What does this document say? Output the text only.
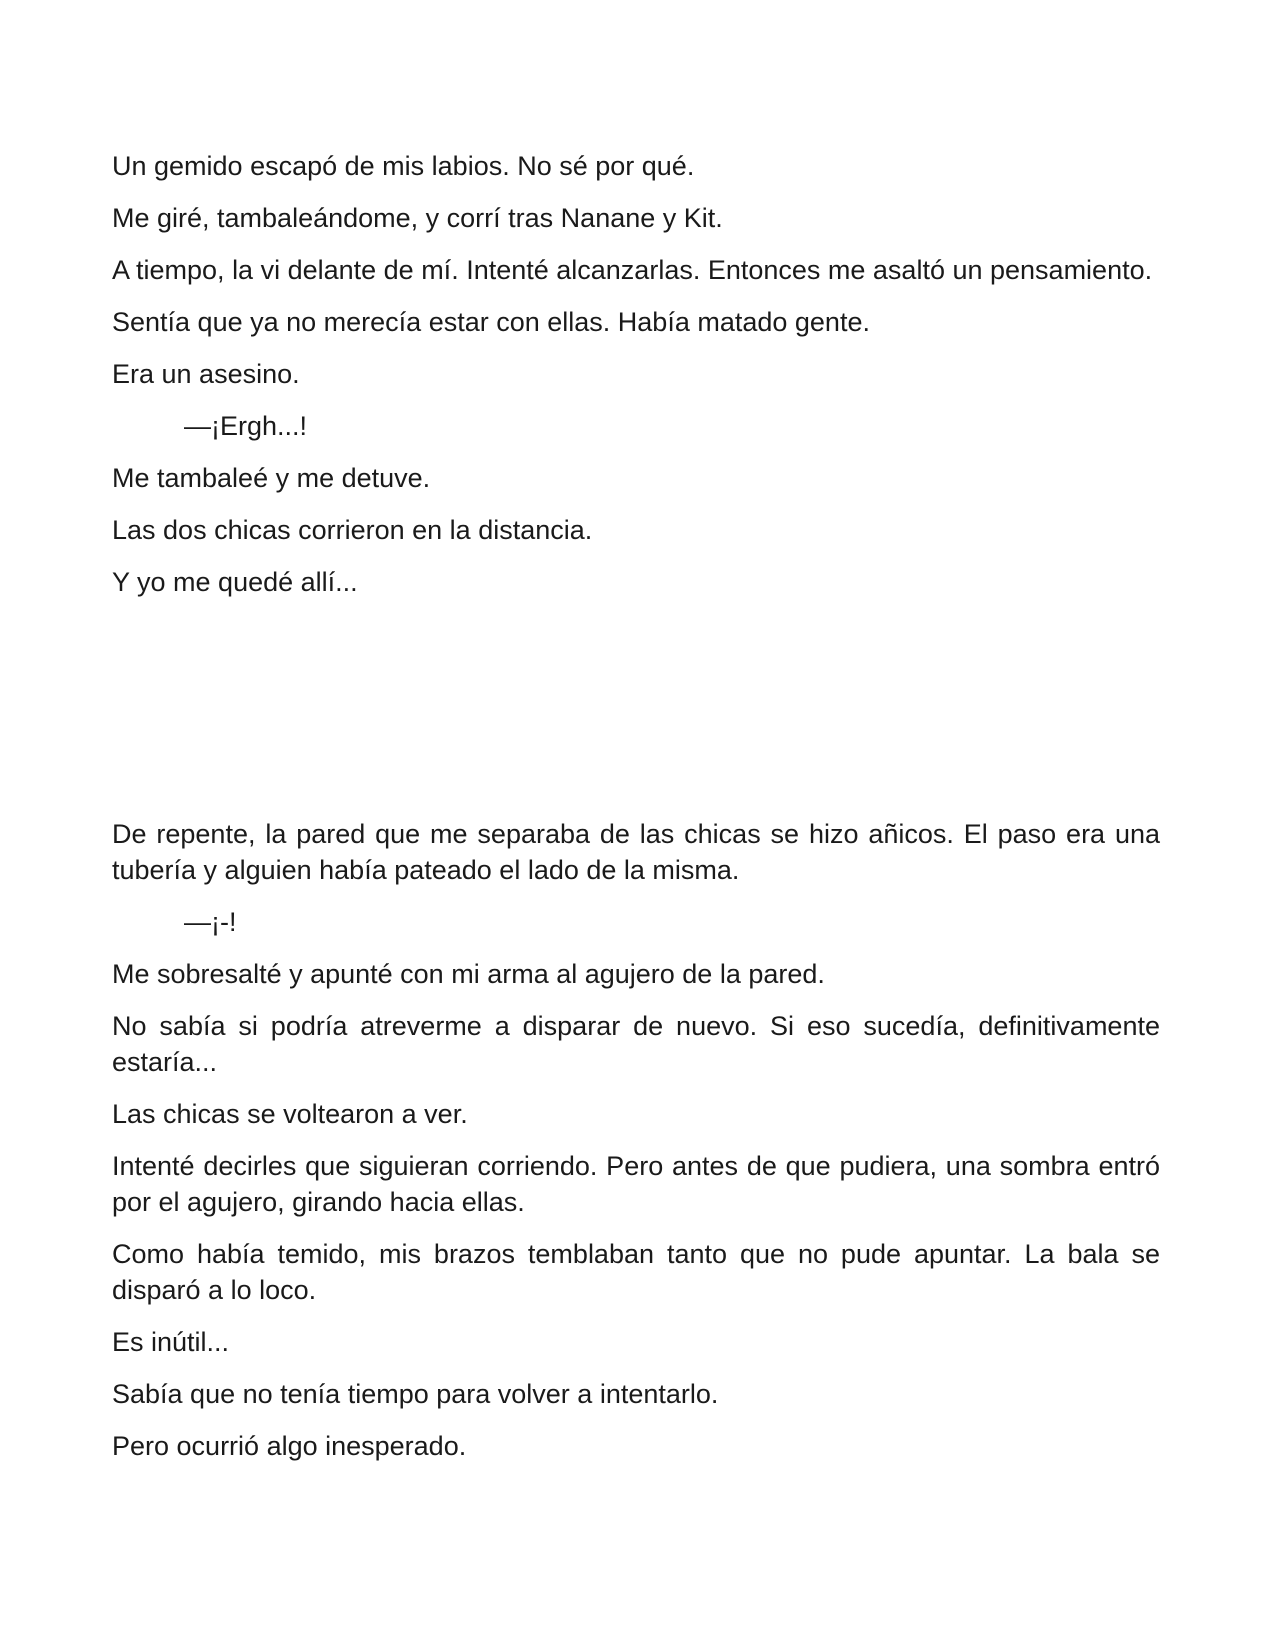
Un gemido escapó de mis labios. No sé por qué.

Me giré, tambaleándome, y corrí tras Nanane y Kit.

A tiempo, la vi delante de mí. Intenté alcanzarlas. Entonces me asaltó un pensamiento.

Sentía que ya no merecía estar con ellas. Había matado gente.

Era un asesino.

—¡Ergh...!

Me tambaleé y me detuve.

Las dos chicas corrieron en la distancia.

Y yo me quedé allí...

De repente, la pared que me separaba de las chicas se hizo añicos. El paso era una tubería y alguien había pateado el lado de la misma.

—¡-!

Me sobresalté y apunté con mi arma al agujero de la pared.

No sabía si podría atreverme a disparar de nuevo. Si eso sucedía, definitivamente estaría...

Las chicas se voltearon a ver.

Intenté decirles que siguieran corriendo. Pero antes de que pudiera, una sombra entró por el agujero, girando hacia ellas.

Como había temido, mis brazos temblaban tanto que no pude apuntar. La bala se disparó a lo loco.

Es inútil...

Sabía que no tenía tiempo para volver a intentarlo.

Pero ocurrió algo inesperado.
